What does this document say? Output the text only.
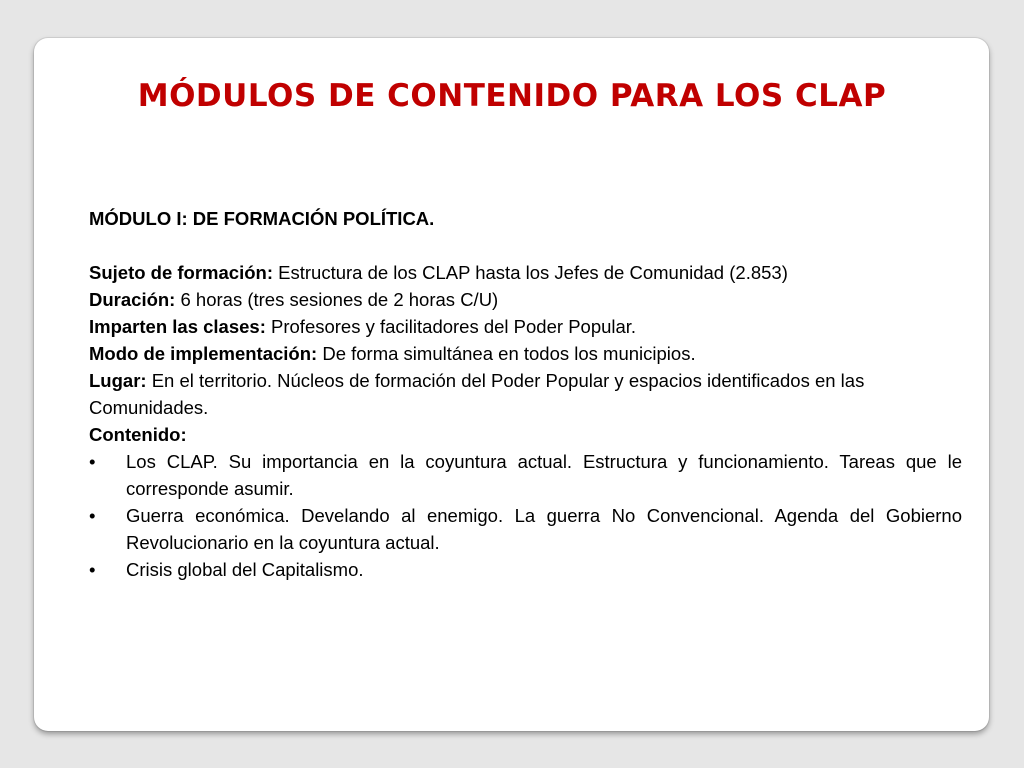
MÓDULOS DE CONTENIDO PARA LOS CLAP

MÓDULO I: DE FORMACIÓN POLÍTICA.

Sujeto de formación: Estructura de los CLAP hasta los Jefes de Comunidad (2.853)

Duración: 6 horas (tres sesiones de 2 horas C/U)

Imparten las clases: Profesores y facilitadores del Poder Popular.

Modo de implementación: De forma simultánea en todos los municipios.

Lugar: En el territorio. Núcleos de formación del Poder Popular y espacios identificados en las Comunidades.

Contenido:

• Los CLAP. Su importancia en la coyuntura actual. Estructura y funcionamiento. Tareas que le corresponde asumir.
• Guerra económica. Develando al enemigo. La guerra No Convencional. Agenda del Gobierno Revolucionario en la coyuntura actual.
• Crisis global del Capitalismo.
